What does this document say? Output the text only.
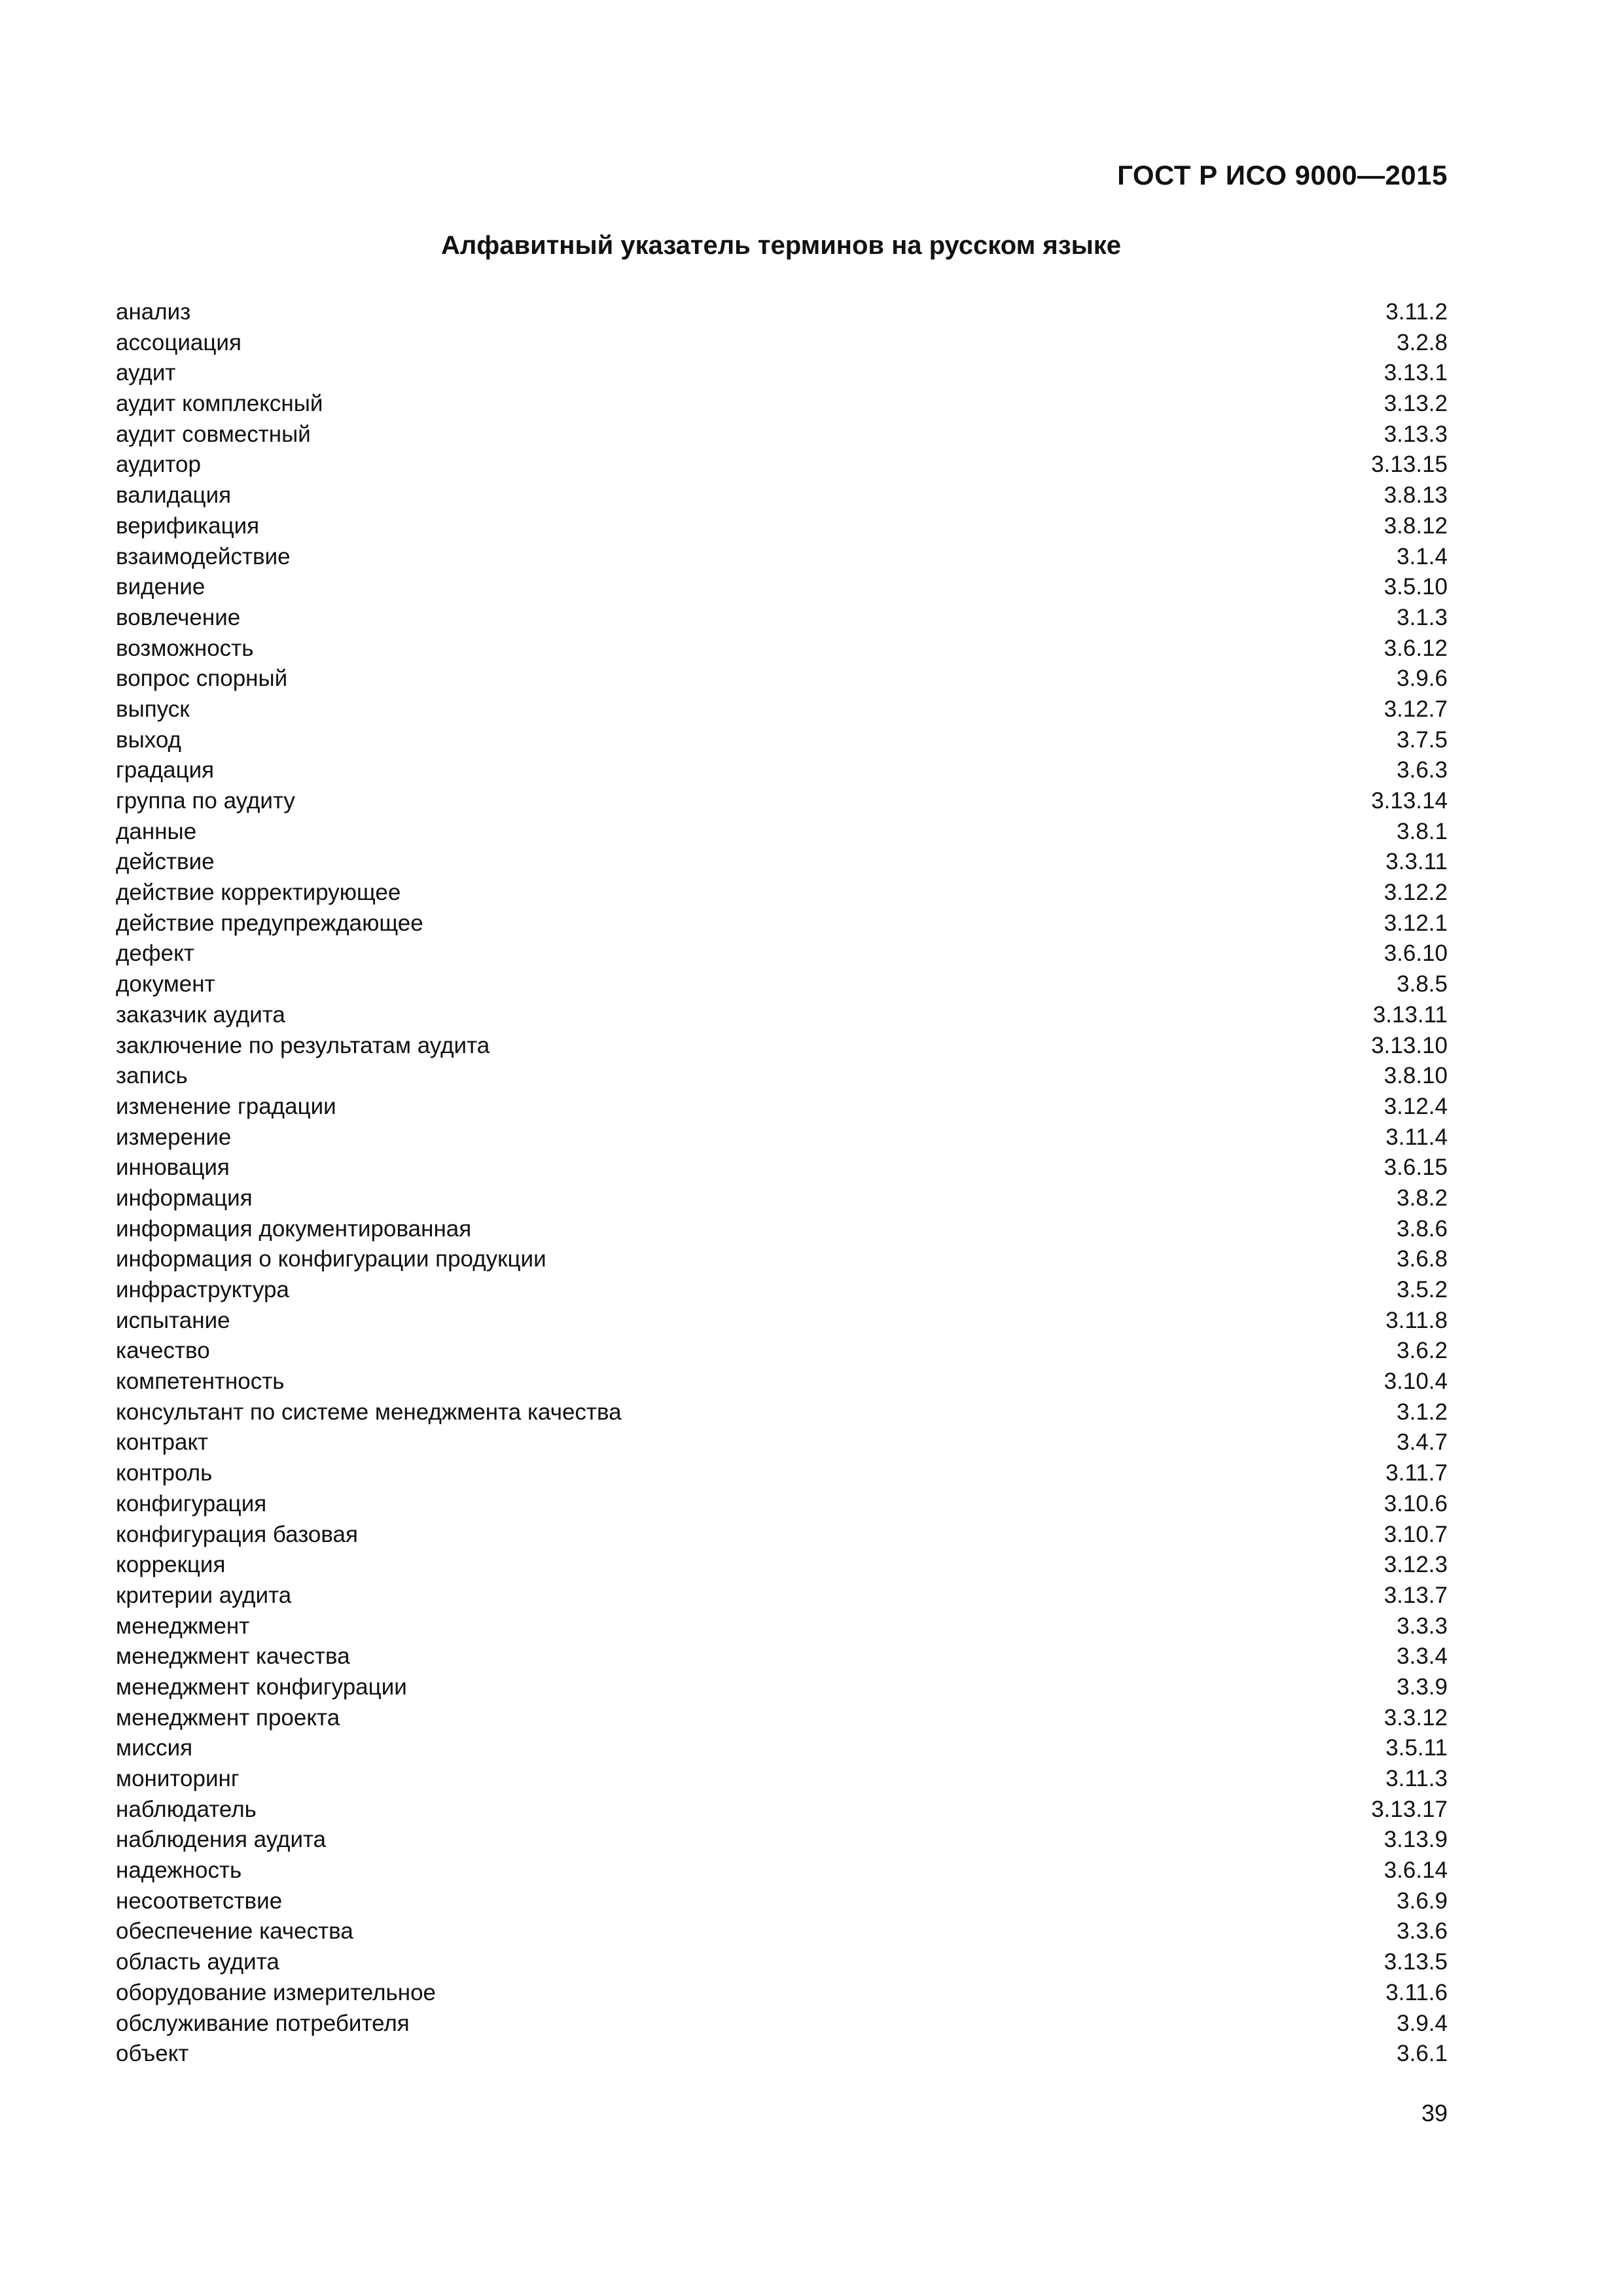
ГОСТ Р ИСО 9000—2015
Алфавитный указатель терминов на русском языке
анализ	3.11.2
ассоциация	3.2.8
аудит	3.13.1
аудит комплексный	3.13.2
аудит совместный	3.13.3
аудитор	3.13.15
валидация	3.8.13
верификация	3.8.12
взаимодействие	3.1.4
видение	3.5.10
вовлечение	3.1.3
возможность	3.6.12
вопрос спорный	3.9.6
выпуск	3.12.7
выход	3.7.5
градация	3.6.3
группа по аудиту	3.13.14
данные	3.8.1
действие	3.3.11
действие корректирующее	3.12.2
действие предупреждающее	3.12.1
дефект	3.6.10
документ	3.8.5
заказчик аудита	3.13.11
заключение по результатам аудита	3.13.10
запись	3.8.10
изменение градации	3.12.4
измерение	3.11.4
инновация	3.6.15
информация	3.8.2
информация документированная	3.8.6
информация о конфигурации продукции	3.6.8
инфраструктура	3.5.2
испытание	3.11.8
качество	3.6.2
компетентность	3.10.4
консультант по системе менеджмента качества	3.1.2
контракт	3.4.7
контроль	3.11.7
конфигурация	3.10.6
конфигурация базовая	3.10.7
коррекция	3.12.3
критерии аудита	3.13.7
менеджмент	3.3.3
менеджмент качества	3.3.4
менеджмент конфигурации	3.3.9
менеджмент проекта	3.3.12
миссия	3.5.11
мониторинг	3.11.3
наблюдатель	3.13.17
наблюдения аудита	3.13.9
надежность	3.6.14
несоответствие	3.6.9
обеспечение качества	3.3.6
область аудита	3.13.5
оборудование измерительное	3.11.6
обслуживание потребителя	3.9.4
объект	3.6.1
39
